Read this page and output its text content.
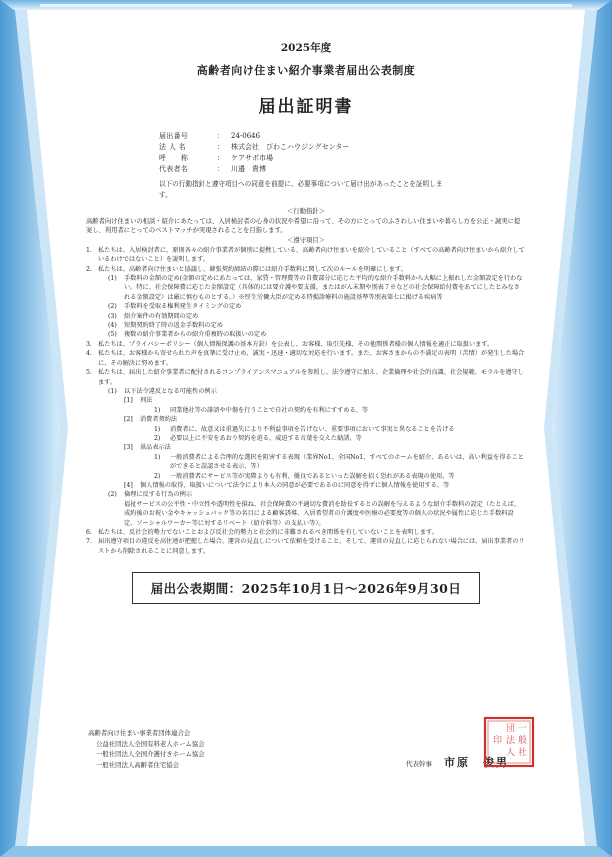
2025年度
高齢者向け住まい紹介事業者届出公表制度
届出証明書
届出番号	：	24-0646
法 人 名	：	株式会社　びわこハウジングセンター
呼　　称	：	ケアサポ市場
代表者名	：	川邉　貴博
以下の行動指針と遵守項目への同意を前提に、必要事項について届け出があったことを証明します。
＜行動指針＞

高齢者向け住まいの相談・紹介にあたっては、入居検討者の心身の状況や希望に沿って、その方にとってのふさわしい住まいや暮らし方を公正・誠実に提案し、利用者にとってのベストマッチが実現されることを目指します。

＜遵守項目＞
1. 私たちは、入居検討者に、原則各々の紹介事業者が個別に提携している、高齢者向け住まいを紹介していること（すべての高齢者向け住まいから紹介しているわけではないこと）を説明します。
2. 私たちは、高齢者向け住まいと協議し、韓張契約締結の際には紹介手数料に関して次のルールを明確にします。
(1)	手数料の金額の定め(金額の定めにあたっては、家賃・管理費等の自費部分に応じた平均的な紹介手数料から大幅に上振れした金額設定を行わない。特に、社会保障費に応じた金額設定（具体的には要介護や要支援、またはがん末期や別表７※などの社会保障給付費をあてにしたとみなされる金額設定）は厳に慎むものとする。）※厚生労働大臣が定める特掲診療料の施設基準等別表第七に掲げる疾病等
(2)	手数料を受取る権利発生タイミングの定め
(3)	紹介案件の有効期間の定め
(4)	短期契約終了時の返金手数料の定め
(5)	複数の紹介事業者からの紹介重複時の取扱いの定め
3. 私たちは、プライバシーポリシー（個人情報保護の基本方針）を公表し、お客様、取引先様、その他関係者様の個人情報を適正に取扱います。
4. 私たちは、お客様から寄せられた声を真摯に受け止め、誠実・迅速・適切な対応を行います。また、お客さまからの不満足の表明（苦情）が発生した場合に、その解決に努めます。
5. 私たちは、届出した紹介事業者に配付されるコンプライアンスマニュアルを参照し、法令遵守に加え、企業倫理や社会的良識、社会規範、モラルを遵守します。
(1)	以下法令違反となる可能性の例示
[1]	刑法
1)	同業他社等の誹謗や中傷を行うことで自社の契約を有利にすすめる、等
[2]	消費者契約法
1)	消費者に、故意又は重過失により不利益事項を告げない、重要事項において事実と異なることを告げる
2)	必要以上に不安をあおり契約を迫る、威迫する言葉を交えた勧誘、等
[3]	景品表示法
1)	一般消費者による合理的な選択を阻害する表現（業界No1、全国No1、すべてのホームを紹介、あるいは、高い利益を得ることができると誤認させる表示、等）
2)	一般消費者にサービス等が実際よりも有利、優良であるといった誤解を招く恐れがある表現の使用、等
[4]	個人情報の取得、取扱いについて法令により本人の同意が必要であるのに同意を得ずに個人情報を使用する、等
(2)	倫理に反する行為の例示
福祉サービスの公平性・中立性や透明性を損ね、社会保障費の不適切な費消を助長するとの誤解を与えるような紹介手数料の設定（たとえば、成約後のお祝い金やキャッシュバック等の名目による顧客誘導、入居希望者の介護度や医療の必要度等の個人の状況や属性に応じた手数料設定、ソーシャルワーカー等に対するリベート（紹介料等）の支払い等）。
6. 私たちは、反社会的勢力でないことおよび反社会的勢力と社会的に非難されるべき関係を有していないことを表明します。
7. 届出遵守項目の違反を高住連が把握した場合、運営の見直しについて依頼を受けること、そして、運営の見直しに応じられない場合には、届出事業者のリストから削除されることに同意します。
届出公表期間：2025年10月1日～2026年9月30日
高齢者向け住まい事業者団体連合会
公益社団法人全国有料老人ホーム協会
一般社団法人全国介護付きホーム協会
一般社団法人高齢者住宅協会	代表幹事 市原　俊男
一
般
社
団
法
人
印
